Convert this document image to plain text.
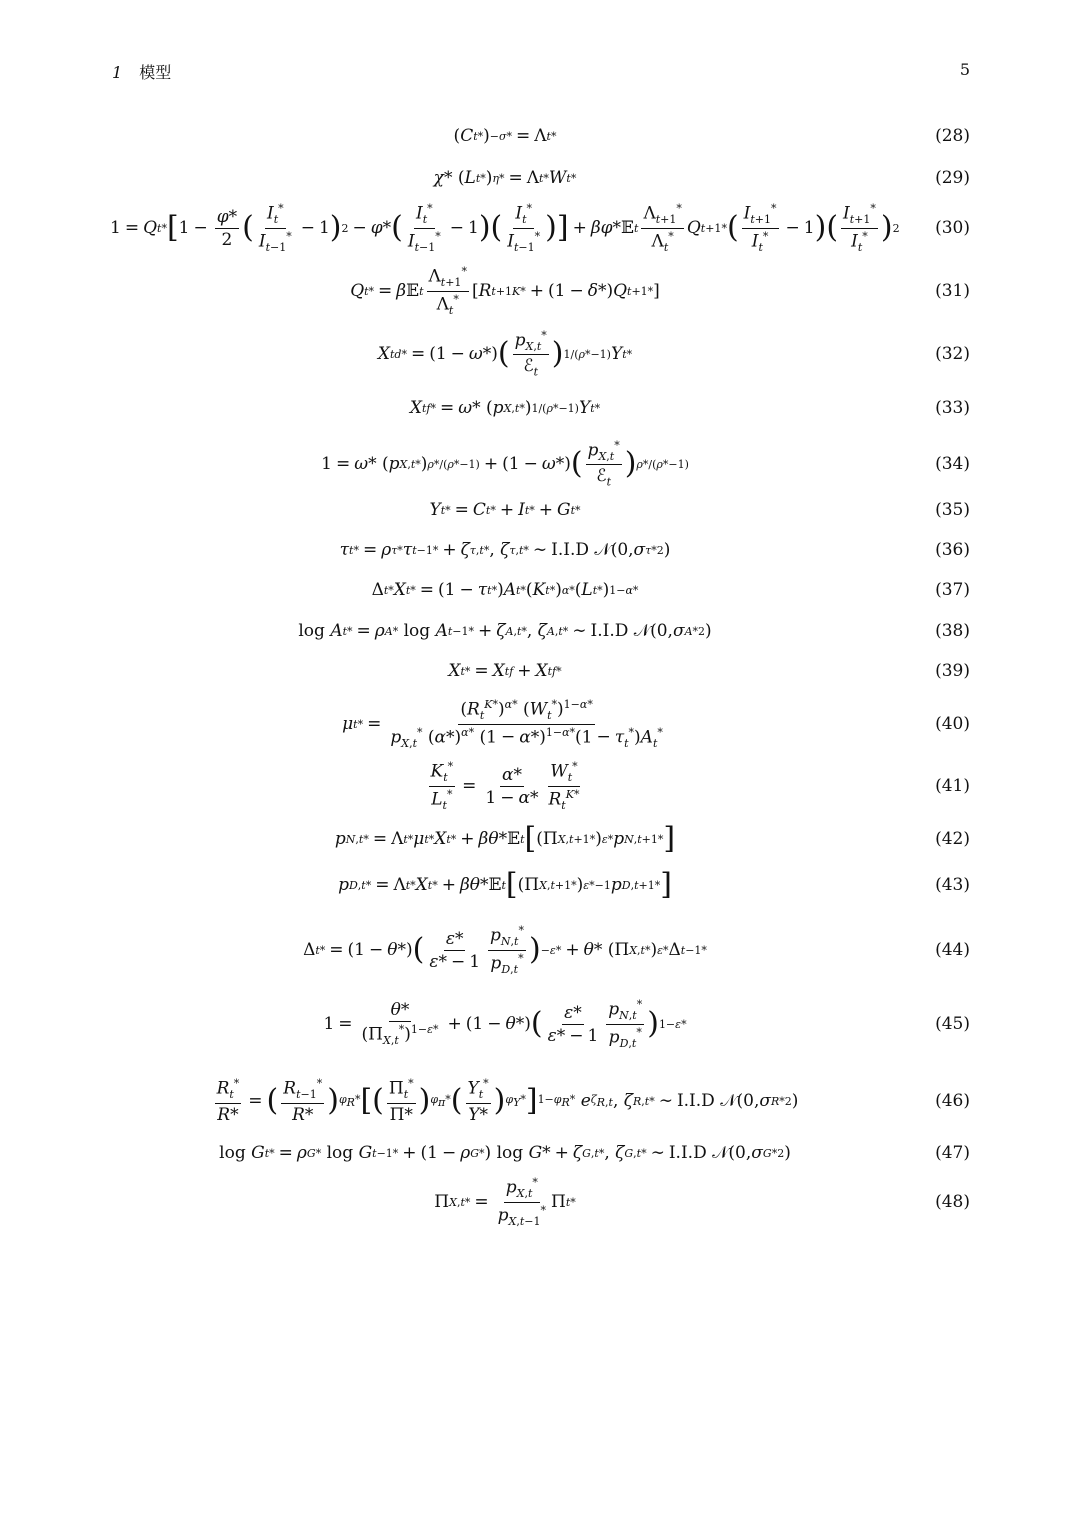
1 模型	5
( C t * ) −σ* = Λ t *	(28)
χ * ( L t * ) η* = Λ t * W t *	(29)
1 = Q t * [ $1 - \frac{\varphi*}{2}$ ( $\frac{I_t^*}{I_{t-1}^*} - 1$ ) 2 − φ * ( $\frac{I_t^*}{I_{t-1}^*} - 1$ ) ( $\frac{I_t^*}{I_{t-1}^*}$ ) ] + βφ *𝔼 t $\frac{\Lambda_{t+1}^*}{\Lambda_t^*}$ Q t+1 * ( $\frac{I_{t+1}^*}{I_t^*} - 1$ ) ( $\frac{I_{t+1}^*}{I_t^*}$ ) 2 (30)
Q t * = β 𝔼 t $\frac{\Lambda_{t+1}^*}{\Lambda_t^*}$ [ R t+1 K* + (1 − δ *) Q t+1 * ]	(31)
X t d* = (1 − ω *) ( $\frac{p_{X,t}^*}{ℰ_t}$ ) 1/(ρ*−1) Y t *	(32)
X t f* = ω * ( p X,t * ) 1/(ρ*−1) Y t *	(33)
1 = ω * ( p X,t * ) ρ*/(ρ*−1) + (1 − ω *) ( $\frac{p_{X,t}^*}{ℰ_t}$ ) ρ*/(ρ*−1)	(34)
Y t * = C t * + I t * + G t *	(35)
τ t * = ρ τ * τ t−1 * + ζ τ,t * , ζ τ,t * ∼ I.I.D
𝒩 (0, σ τ* 2 )	(36)
Δ t * X t * = (1 − τ t * ) A t * ( K t * ) α* ( L t * ) 1−α*	(37)
log
A t * = ρ A *
log
A t−1 * + ζ A,t * , ζ A,t * ∼ I.I.D
𝒩 (0, σ A* 2 )	(38)
X t * = X t f + X t f*	(39)
μ t * = $\frac{(R_t^{K*})^{\alpha*} (W_t^*)^{1-\alpha*}}{p_{X,t}^* (\alpha*)^{\alpha*} (1 - \alpha*)^{1-\alpha*}(1 - \tau_t^*)A_t^*}$	(40)
$\frac{K_t^*}{L_t^*} = \frac{\alpha*}{1 - \alpha*} \frac{W_t^*}{R_t^{K*}}$	(41)
p N,t * = Λ t * μ t * X t * + βθ *𝔼 t [ (Π X,t+1 * ) ε* p N,t+1 * ]	(42)
p D,t * = Λ t * X t * + βθ *𝔼 t [ (Π X,t+1 * ) ε*−1 p D,t+1 * ]	(43)
Δ t * = (1 − θ *) ( $\frac{\varepsilon*}{\varepsilon* - 1} \frac{p_{N,t}^*}{p_{D,t}^*}$ ) −ε* + θ * (Π X,t * ) ε* Δ t−1 *	(44)
$1 = \frac{\theta*}{(\Pi_{X,t}^*)^{1-\varepsilon*}} + (1 - \theta$ *) ( $\frac{\varepsilon*}{\varepsilon* - 1} \frac{p_{N,t}^*}{p_{D,t}^*}$ ) 1−ε*	(45)
$\frac{R_t^*}{R*}$ = ( $\frac{R_{t-1}^*}{R*}$ ) $\varphi_R*$ [ ( $\frac{\Pi_t^*}{\Pi*}$ ) $\varphi_\pi*$ ( $\frac{Y_t^*}{Y*}$ ) $\varphi_Y*$ ] $1-\varphi_R*$
e $\zeta_{R,t}$ , ζ R,t * ∼ I.I.D
𝒩 (0, σ R* 2 )	(46)
log
G t * = ρ G *
log
G t−1 * + (1 − ρ G * ) log
G * + ζ G,t * , ζ G,t * ∼ I.I.D
𝒩 (0, σ G* 2 )	(47)
Π X,t * = $\frac{p_{X,t}^*}{p_{X,t-1}^*}$ Π t *	(48)
